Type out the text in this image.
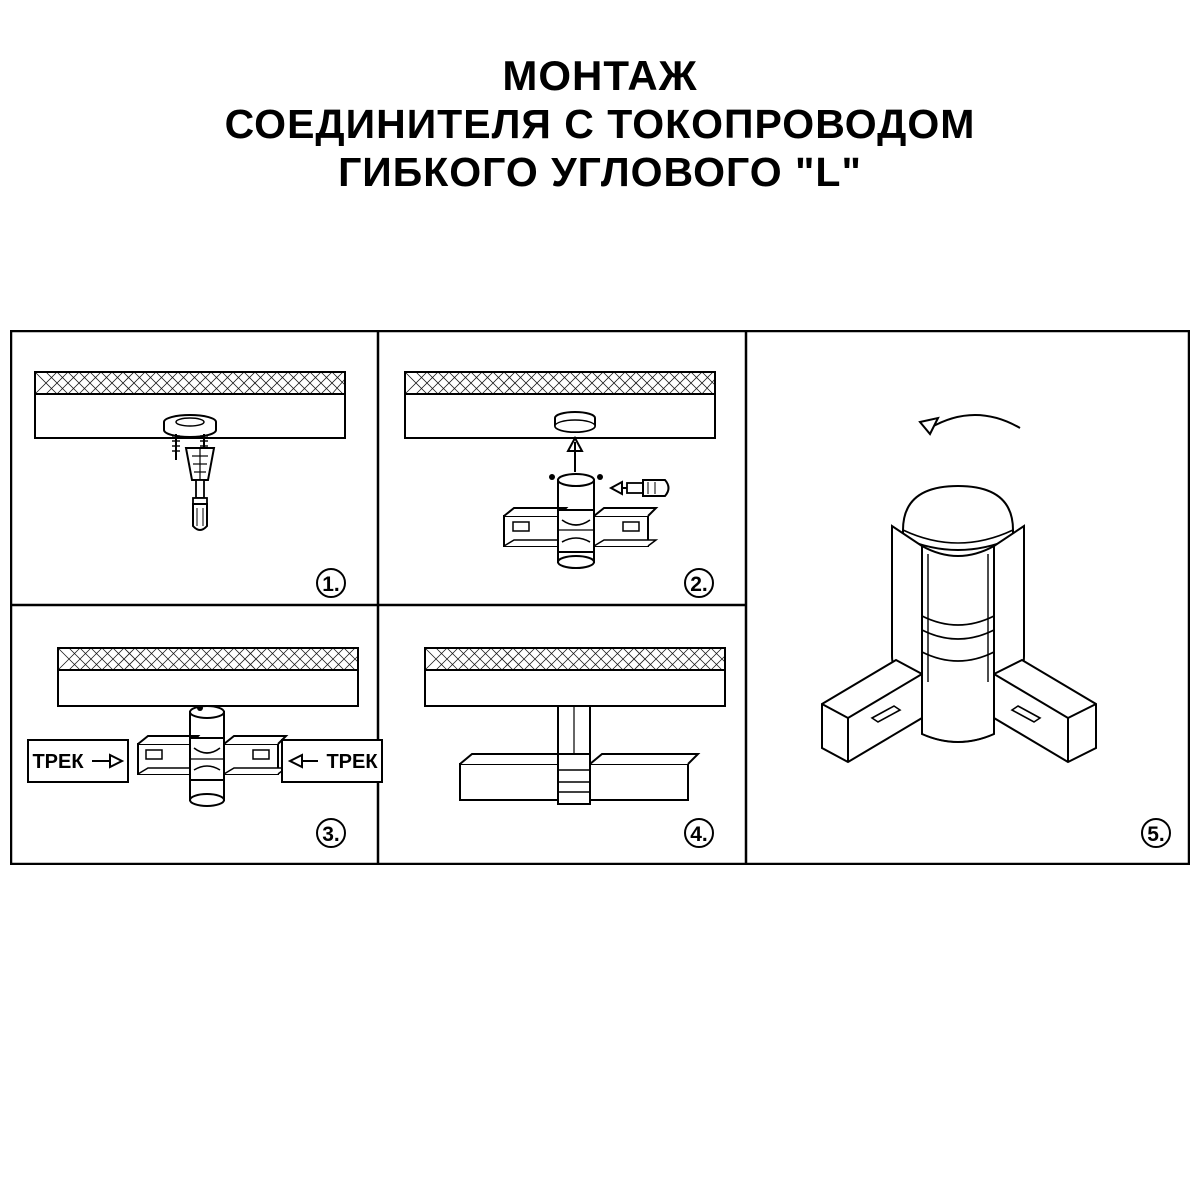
МОНТАЖ
СОЕДИНИТЕЛЯ С ТОКОПРОВОДОМ
ГИБКОГО УГЛОВОГО "L"
1.	2.
ТРЕК	ТРЕК
3.	4.	5.
